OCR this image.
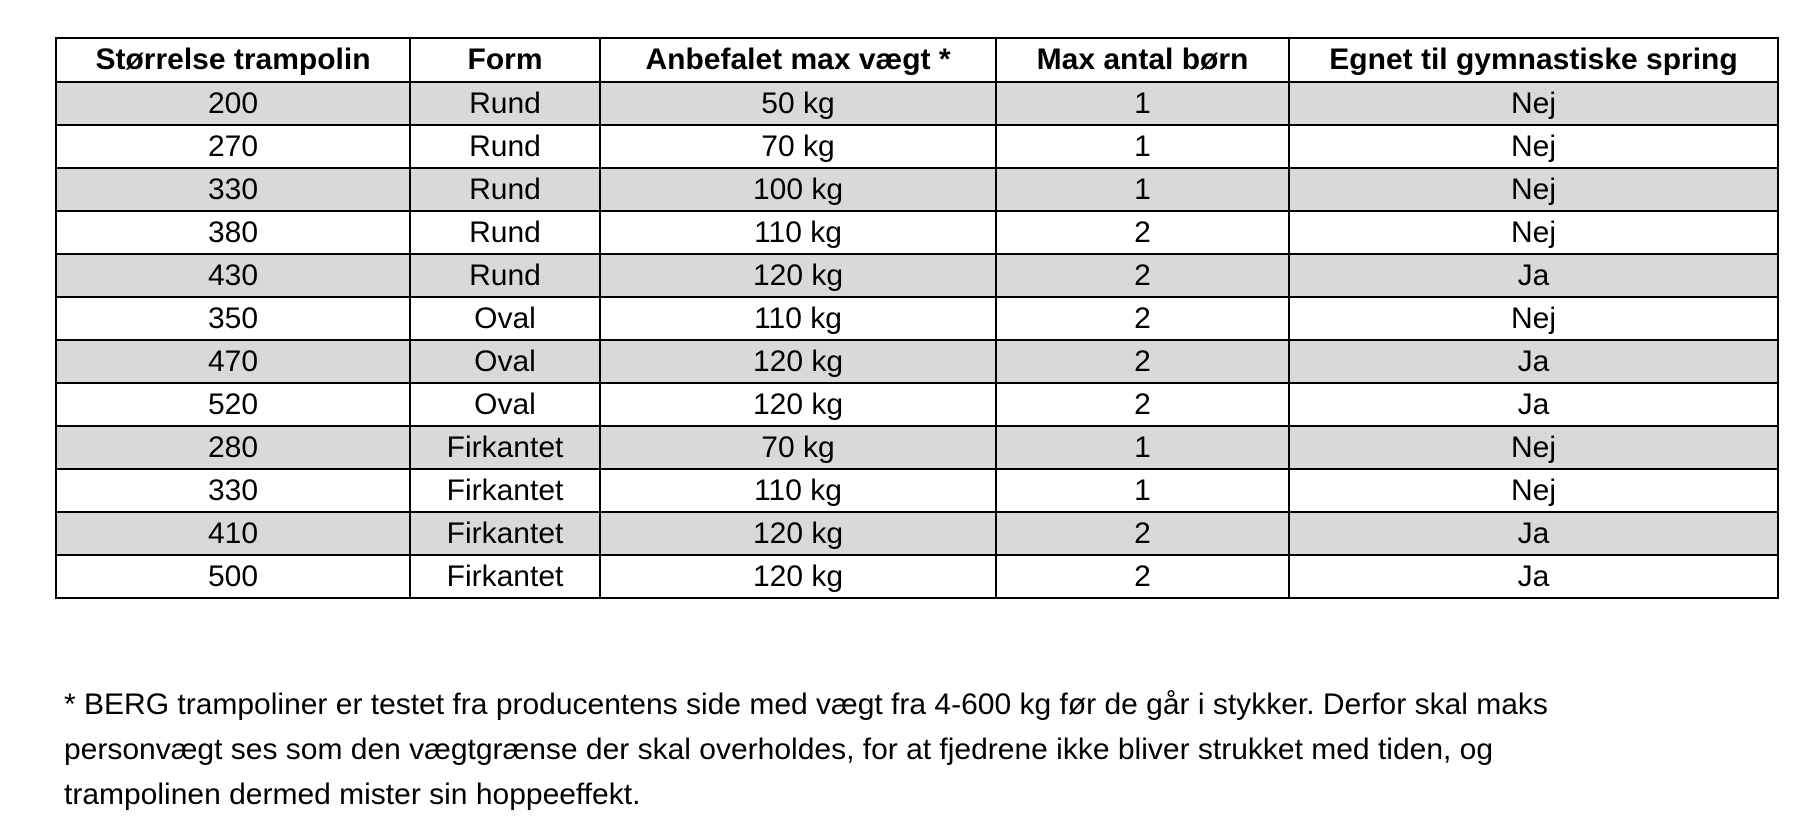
Størrelse trampolin	Form	Anbefalet max vægt *	Max antal børn	Egnet til gymnastiske spring
200	Rund	50 kg	1	Nej
270	Rund	70 kg	1	Nej
330	Rund	100 kg	1	Nej
380	Rund	110 kg	2	Nej
430	Rund	120 kg	2	Ja
350	Oval	110 kg	2	Nej
470	Oval	120 kg	2	Ja
520	Oval	120 kg	2	Ja
280	Firkantet	70 kg	1	Nej
330	Firkantet	110 kg	1	Nej
410	Firkantet	120 kg	2	Ja
500	Firkantet	120 kg	2	Ja

* BERG trampoliner er testet fra producentens side med vægt fra 4-600 kg før de går i stykker. Derfor skal maks
personvægt ses som den vægtgrænse der skal overholdes, for at fjedrene ikke bliver strukket med tiden, og
trampolinen dermed mister sin hoppeeffekt.
